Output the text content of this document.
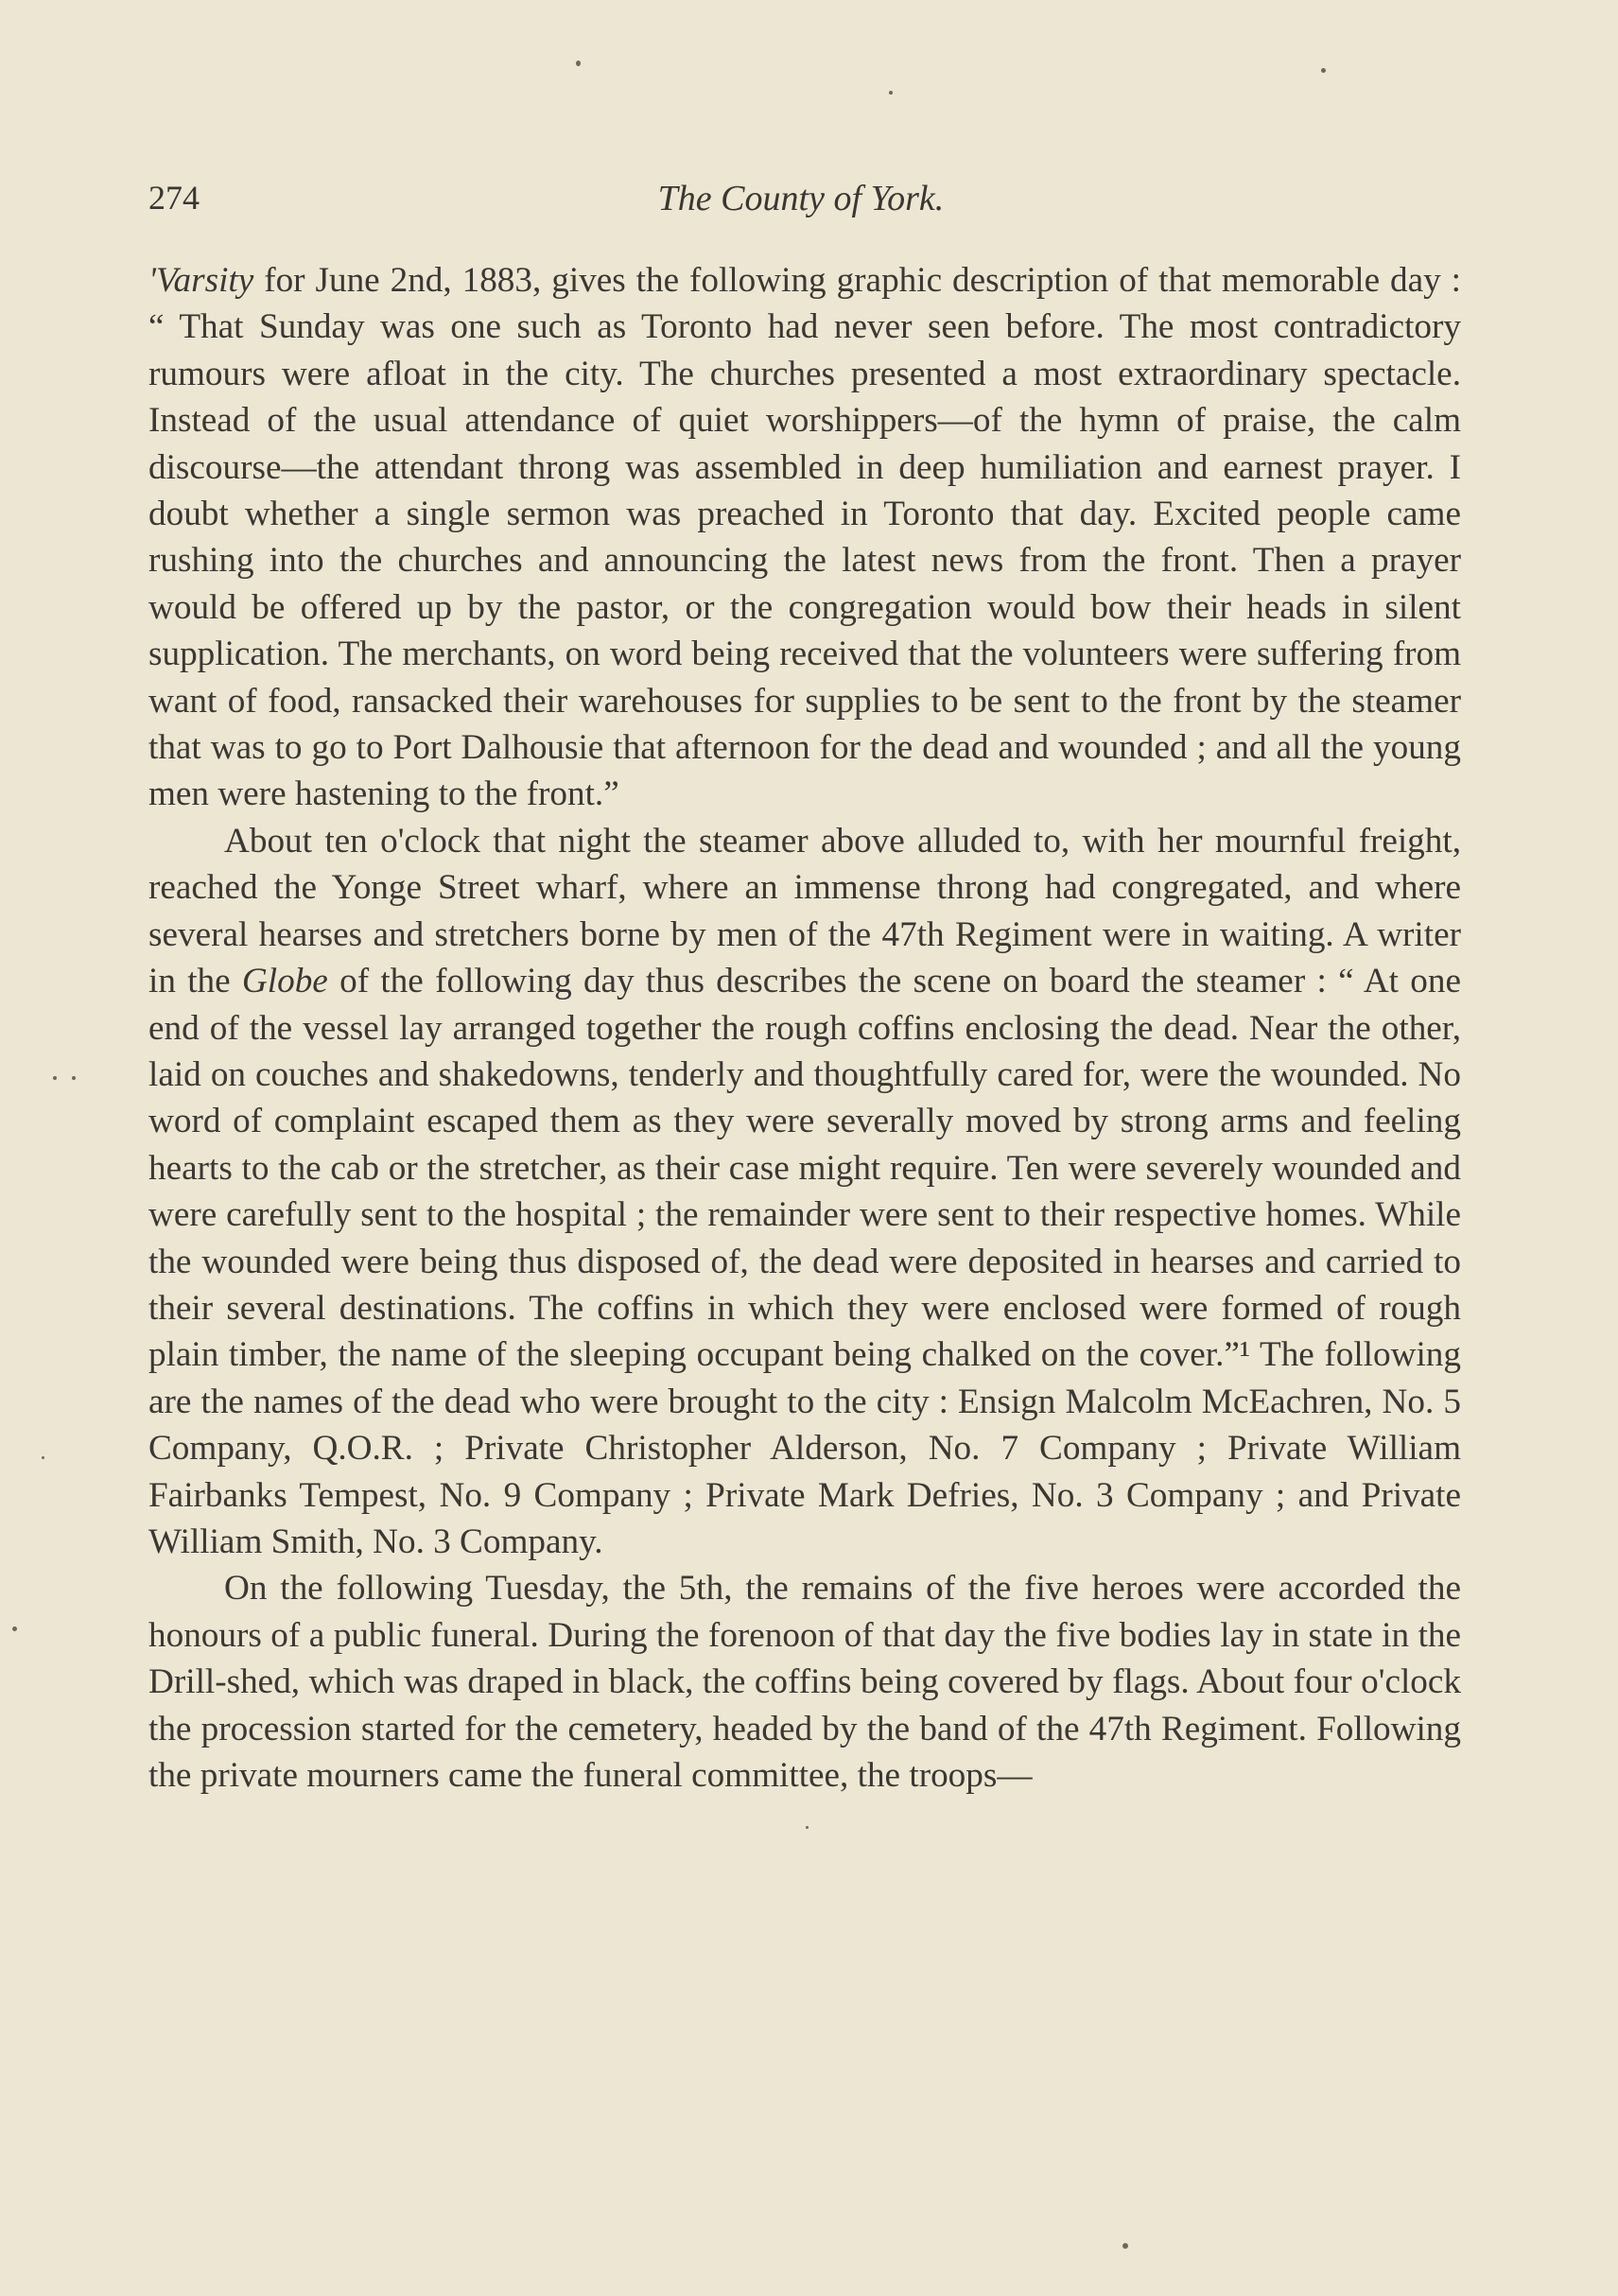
274	The County of York.

'Varsity for June 2nd, 1883, gives the following graphic description of that memorable day : “ That Sunday was one such as Toronto had never seen before. The most contradictory rumours were afloat in the city. The churches presented a most extraordinary spectacle. Instead of the usual attendance of quiet worshippers—of the hymn of praise, the calm discourse—the attendant throng was assembled in deep humiliation and earnest prayer. I doubt whether a single sermon was preached in Toronto that day. Excited people came rushing into the churches and announcing the latest news from the front. Then a prayer would be offered up by the pastor, or the congregation would bow their heads in silent supplication. The merchants, on word being received that the volunteers were suffering from want of food, ransacked their warehouses for supplies to be sent to the front by the steamer that was to go to Port Dalhousie that afternoon for the dead and wounded ; and all the young men were hastening to the front.”

About ten o'clock that night the steamer above alluded to, with her mournful freight, reached the Yonge Street wharf, where an immense throng had congregated, and where several hearses and stretchers borne by men of the 47th Regiment were in waiting. A writer in the Globe of the following day thus describes the scene on board the steamer : “ At one end of the vessel lay arranged together the rough coffins enclosing the dead. Near the other, laid on couches and shakedowns, tenderly and thoughtfully cared for, were the wounded. No word of complaint escaped them as they were severally moved by strong arms and feeling hearts to the cab or the stretcher, as their case might require. Ten were severely wounded and were carefully sent to the hospital ; the remainder were sent to their respective homes. While the wounded were being thus disposed of, the dead were deposited in hearses and carried to their several destinations. The coffins in which they were enclosed were formed of rough plain timber, the name of the sleeping occupant being chalked on the cover.”¹ The following are the names of the dead who were brought to the city : Ensign Malcolm McEachren, No. 5 Company, Q.O.R. ; Private Christopher Alderson, No. 7 Company ; Private William Fairbanks Tempest, No. 9 Company ; Private Mark Defries, No. 3 Company ; and Private William Smith, No. 3 Company.

On the following Tuesday, the 5th, the remains of the five heroes were accorded the honours of a public funeral. During the forenoon of that day the five bodies lay in state in the Drill-shed, which was draped in black, the coffins being covered by flags. About four o'clock the procession started for the cemetery, headed by the band of the 47th Regiment. Following the private mourners came the funeral committee, the troops—
